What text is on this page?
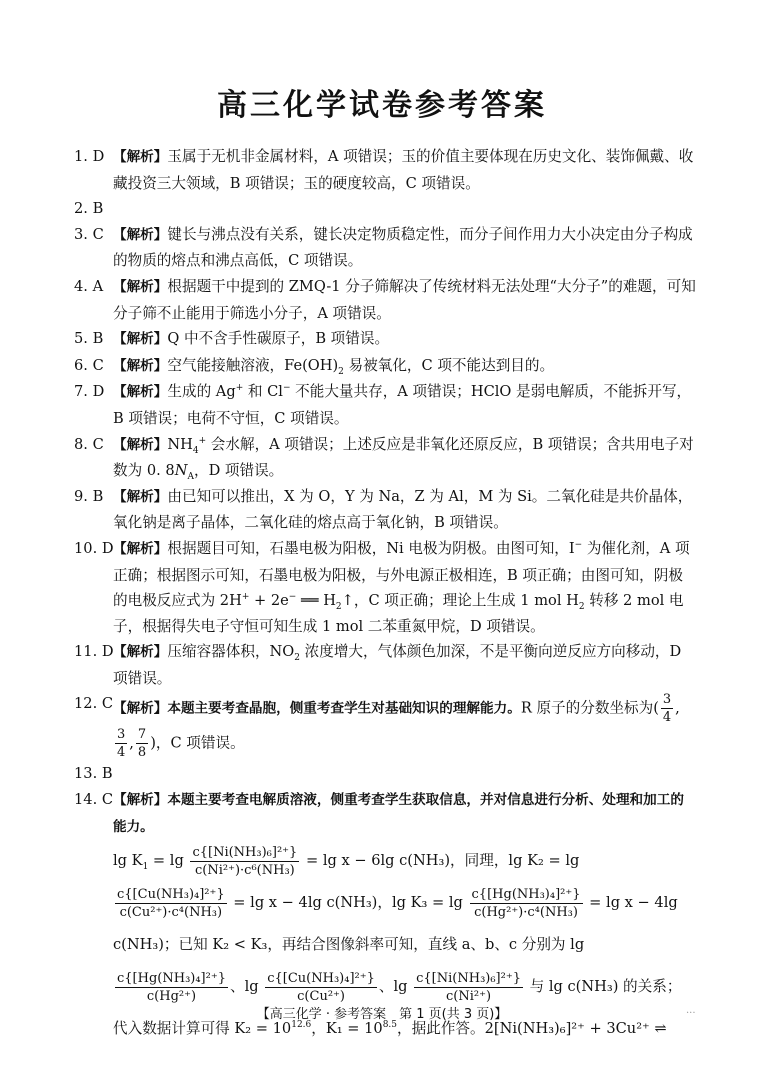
高三化学试卷参考答案
1. D 【解析】玉属于无机非金属材料，A 项错误；玉的价值主要体现在历史文化、装饰佩戴、收藏投资三大领域，B 项错误；玉的硬度较高，C 项错误。
2. B

3. C 【解析】键长与沸点没有关系，键长决定物质稳定性，而分子间作用力大小决定由分子构成的物质的熔点和沸点高低，C 项错误。
4. A 【解析】根据题干中提到的 ZMQ-1 分子筛解决了传统材料无法处理“大分子”的难题，可知分子筛不止能用于筛选小分子，A 项错误。
5. B 【解析】Q 中不含手性碳原子，B 项错误。
6. C 【解析】空气能接触溶液，$Fe(OH)_2$ 易被氧化，C 项不能达到目的。
7. D 【解析】生成的 Ag+ 和 Cl− 不能大量共存，A 项错误；HClO 是弱电解质，不能拆开写，B 项错误；电荷不守恒，C 项错误。
8. C 【解析】$NH_4^+$ 会水解，A 项错误；上述反应是非氧化还原反应，B 项错误；含共用电子对数为 0. $8N_A$，D 项错误。
9. B 【解析】由已知可以推出，X 为 O，Y 为 Na，Z 为 Al，M 为 Si。二氧化硅是共价晶体，氧化钠是离子晶体，二氧化硅的熔点高于氧化钠，B 项错误。
10. D 【解析】根据题目可知，石墨电极为阳极，Ni 电极为阴极。由图可知，I− 为催化剂，A 项正确；根据图示可知，石墨电极为阳极，与外电源正极相连，B 项正确；由图可知，阴极的电极反应式为 2H+ + 2e− ══ $H_2↑$，C 项正确；理论上生成 1 mol $H_2$ 转移 2 mol 电子，根据得失电子守恒可知生成 1 mol 二苯重氮甲烷，D 项错误。
11. D 【解析】压缩容器体积，$NO_2$ 浓度增大，气体颜色加深，不是平衡向逆反应方向移动，D 项错误。
12. C 【解析】本题主要考查晶胞，侧重考查学生对基础知识的理解能力。R 原子的分数坐标为( $\frac{3}{4}$ ,
$\frac{3}{4}$ , $\frac{7}{8}$ )，C 项错误。
13. B

14. C 【解析】本题主要考查电解质溶液，侧重考查学生获取信息，并对信息进行分析、处理和加工的能力。
$\lg K_1 = \lg \frac{\text{c\{[Ni(NH₃)₆]²⁺\}}}{\text{c(Ni²⁺)·c⁶(NH₃)}} = \lg x - 6\lg$ c(NH₃)，同理，lg K₂ = lg
$\frac{\text{c\{[Cu(NH₃)₄]²⁺\}}}{\text{c(Cu²⁺)·c⁴(NH₃)}} = \lg x - 4\lg$ c(NH₃)，$\lg K_3 = \lg \frac{\text{c\{[Hg(NH₃)₄]²⁺\}}}{\text{c(Hg²⁺)·c⁴(NH₃)}} = \lg x - 4\lg$ c(NH₃)；已知 K₂ < K₃，再结合图像斜率可知，直线 a、b、c 分别为 lg
$\frac{\text{c\{[Hg(NH₃)₄]²⁺\}}}{\text{c(Hg²⁺)}}$ 、$\lg \frac{\text{c\{[Cu(NH₃)₄]²⁺\}}}{\text{c(Cu²⁺)}}$ 、$\lg \frac{\text{c\{[Ni(NH₃)₆]²⁺\}}}{\text{c(Ni²⁺)}}$ 与 lg c(NH₃) 的关系；代入数据计算可得 $K_2 = 10^{12.6}$，$K_1 = 10^{8.5}$，据此作答。2[Ni(NH₃)₆]²⁺ + 3Cu²⁺ ⇌
【高三化学 · 参考答案　第 1 页(共 3 页)】	...
